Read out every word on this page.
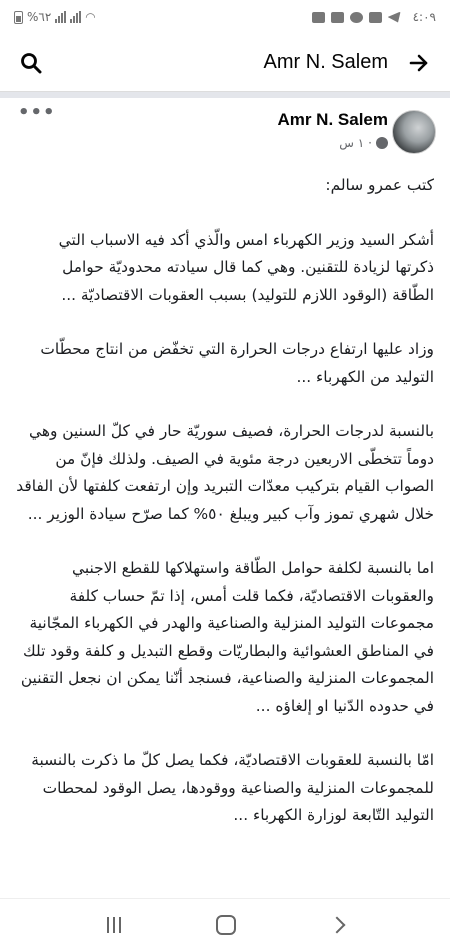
%٦٢	◠	٤:٠٩
Amr N. Salem
•••	Amr N. Salem
١ س ·

كتب عمرو سالم:

أشكر السيد وزير الكهرباء امس والّذي أكد فيه الاسباب التي ذكرتها لزيادة للتقنين. وهي كما قال سيادته محدوديّة حوامل الطّاقة (الوقود اللازم للتوليد) بسبب العقوبات الاقتصاديّة ...

وزاد عليها ارتفاع درجات الحرارة التي تخفّض من انتاج محطّات التوليد من الكهرباء ...

بالنسبة لدرجات الحرارة، فصيف سوريّة حار في كلّ السنين وهي دوماً تتخطّى الاربعين درجة مئوية في الصيف. ولذلك فإنّ من الصواب القيام بتركيب معدّات التبريد وإن ارتفعت كلفتها لأن الفاقد خلال شهري تموز وآب كبير ويبلغ ٥٠% كما صرّح سيادة الوزير ...

اما بالنسبة لكلفة حوامل الطّاقة واستهلاكها للقطع الاجنبي والعقوبات الاقتصاديّة، فكما قلت أمس، إذا تمّ حساب كلفة مجموعات التوليد المنزلية والصناعية والهدر في الكهرباء المجّانية في المناطق العشوائية والبطاريّات وقطع التبديل و كلفة وقود تلك المجموعات المنزلية والصناعية، فسنجد أنّنا يمكن ان نجعل التقنين في حدوده الدّنيا او إلغاؤه ...

امّا بالنسبة للعقوبات الاقتصاديّة، فكما يصل كلّ ما ذكرت بالنسبة للمجموعات المنزلية والصناعية ووقودها، يصل الوقود لمحطات التوليد التّابعة لوزارة الكهرباء ...
